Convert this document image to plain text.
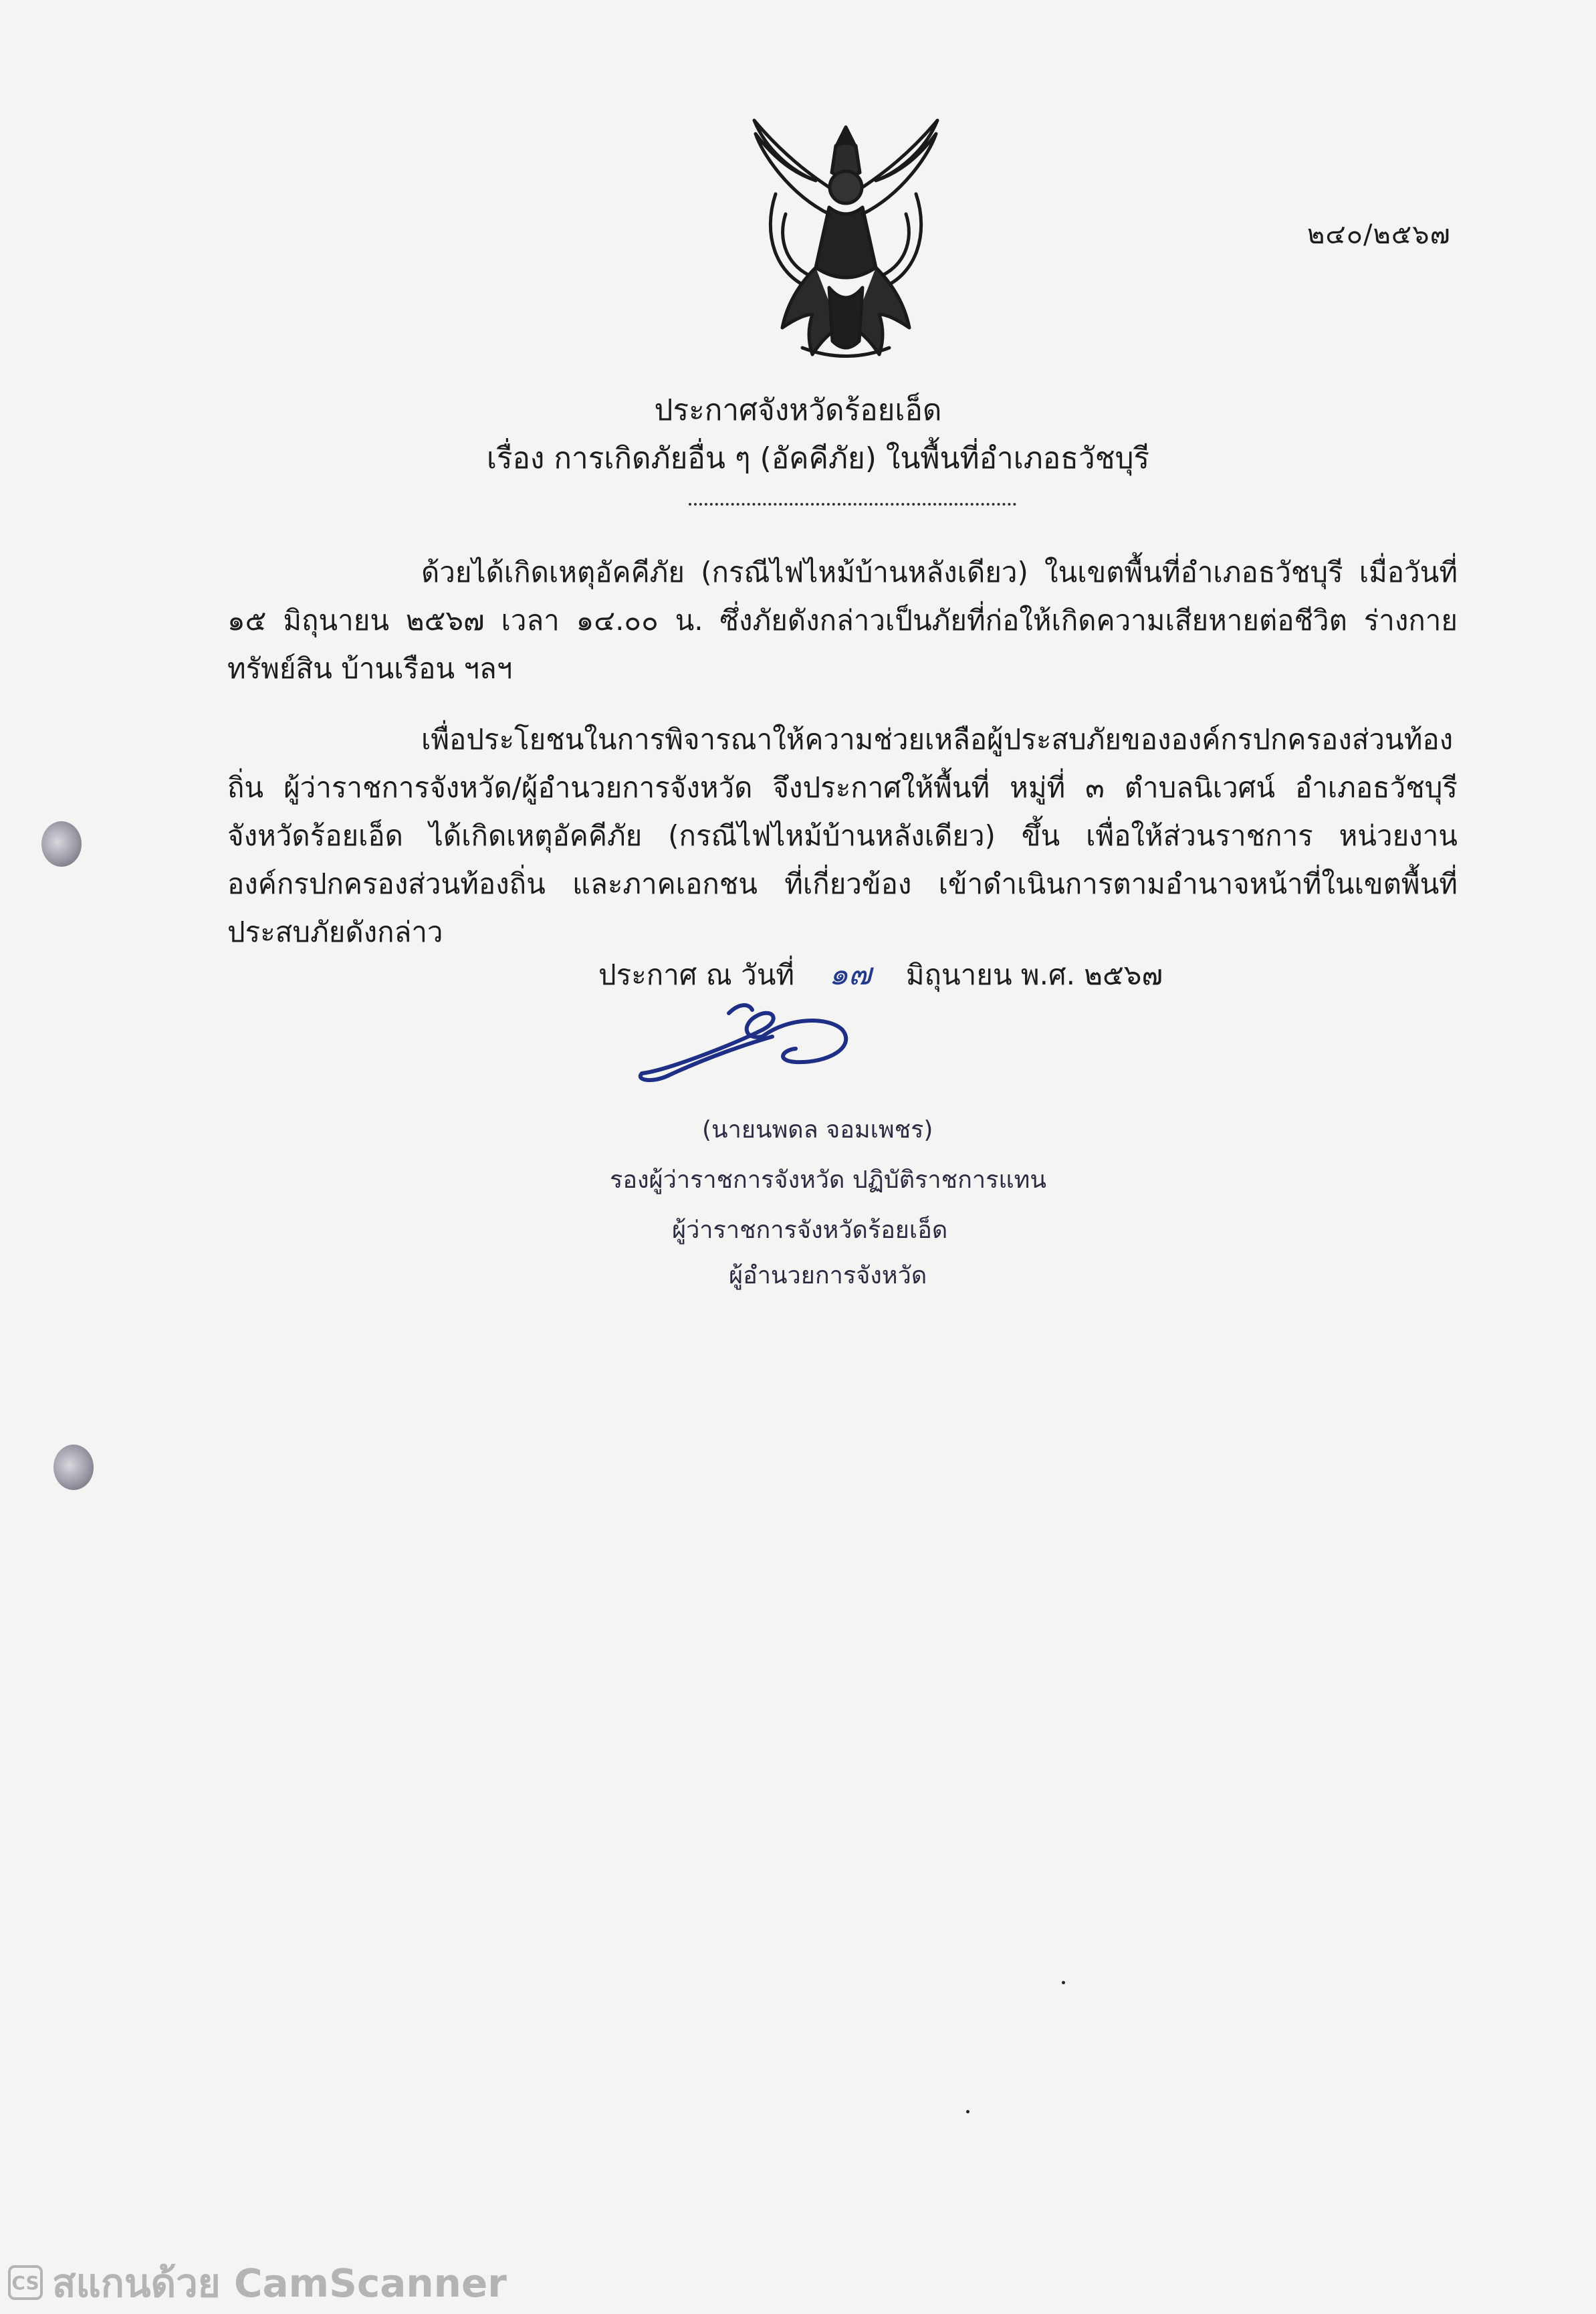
๒๔๐/๒๕๖๗
ประกาศจังหวัดร้อยเอ็ด
เรื่อง การเกิดภัยอื่น ๆ (อัคคีภัย) ในพื้นที่อำเภอธวัชบุรี
ด้วยได้เกิดเหตุอัคคีภัย (กรณีไฟไหม้บ้านหลังเดียว) ในเขตพื้นที่อำเภอธวัชบุรี เมื่อวันที่ ๑๕ มิถุนายน ๒๕๖๗ เวลา ๑๔.๐๐ น. ซึ่งภัยดังกล่าวเป็นภัยที่ก่อให้เกิดความเสียหายต่อชีวิต ร่างกาย ทรัพย์สิน บ้านเรือน ฯลฯ
เพื่อประโยชนในการพิจารณาให้ความช่วยเหลือผู้ประสบภัยขององค์กรปกครองส่วนท้องถิ่น ผู้ว่าราชการจังหวัด/ผู้อำนวยการจังหวัด จึงประกาศให้พื้นที่ หมู่ที่ ๓ ตำบลนิเวศน์ อำเภอธวัชบุรี จังหวัดร้อยเอ็ด ได้เกิดเหตุอัคคีภัย (กรณีไฟไหม้บ้านหลังเดียว) ขึ้น เพื่อให้ส่วนราชการ หน่วยงาน องค์กรปกครองส่วนท้องถิ่น และภาคเอกชน ที่เกี่ยวข้อง เข้าดำเนินการตามอำนาจหน้าที่ในเขตพื้นที่ประสบภัยดังกล่าว
ประกาศ ณ วันที่ ๑๗ มิถุนายน พ.ศ. ๒๕๖๗
(นายนพดล จอมเพชร)
รองผู้ว่าราชการจังหวัด ปฏิบัติราชการแทน
ผู้ว่าราชการจังหวัดร้อยเอ็ด
ผู้อำนวยการจังหวัด
CS สแกนด้วย CamScanner
